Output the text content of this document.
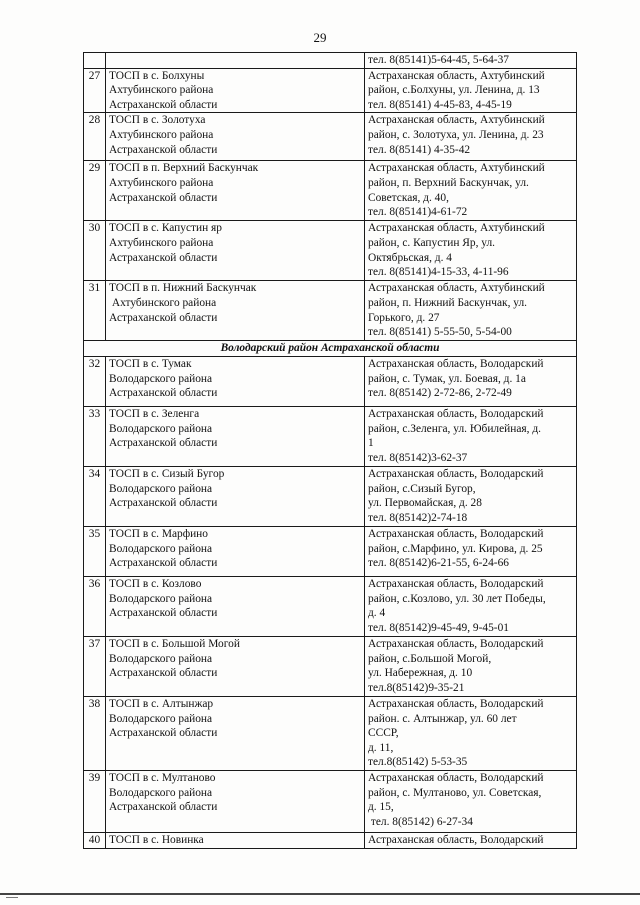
29

		тел. 8(85141)5-64-45, 5-64-37

27	ТОСП в с. Болхуны
Ахтубинского района
Астраханской области	Астраханская область, Ахтубинский
район, с.Болхуны, ул. Ленина, д. 13
тел. 8(85141) 4-45-83, 4-45-19

28	ТОСП в с. Золотуха
Ахтубинского района
Астраханской области	Астраханская область, Ахтубинский
район, с. Золотуха, ул. Ленина, д. 23
тел. 8(85141) 4-35-42

29	ТОСП в п. Верхний Баскунчак
Ахтубинского района
Астраханской области	Астраханская область, Ахтубинский
район, п. Верхний Баскунчак, ул.
Советская, д. 40,
тел. 8(85141)4-61-72

30	ТОСП в с. Капустин яр
Ахтубинского района
Астраханской области	Астраханская область, Ахтубинский
район, с. Капустин Яр, ул.
Октябрьская, д. 4
тел. 8(85141)4-15-33, 4-11-96

31	ТОСП в п. Нижний Баскунчак
Ахтубинского района
Астраханской области	Астраханская область, Ахтубинский
район, п. Нижний Баскунчак, ул.
Горького, д. 27
тел. 8(85141) 5-55-50, 5-54-00

Володарский район Астраханской области		
32	ТОСП в с. Тумак
Володарского района
Астраханской области	Астраханская область, Володарский
район, с. Тумак, ул. Боевая, д. 1а
тел. 8(85142) 2-72-86, 2-72-49

33	ТОСП в с. Зеленга
Володарского района
Астраханской области	Астраханская область, Володарский
район, с.Зеленга, ул. Юбилейная, д.
1
тел. 8(85142)3-62-37

34	ТОСП в с. Сизый Бугор
Володарского района
Астраханской области	Астраханская область, Володарский
район, с.Сизый Бугор,
ул. Первомайская, д. 28
тел. 8(85142)2-74-18

35	ТОСП в с. Марфино
Володарского района
Астраханской области	Астраханская область, Володарский
район, с.Марфино, ул. Кирова, д. 25
тел. 8(85142)6-21-55, 6-24-66

36	ТОСП в с. Козлово
Володарского района
Астраханской области	Астраханская область, Володарский
район, с.Козлово, ул. 30 лет Победы,
д. 4
тел. 8(85142)9-45-49, 9-45-01

37	ТОСП в с. Большой Могой
Володарского района
Астраханской области	Астраханская область, Володарский
район, с.Большой Могой,
ул. Набережная, д. 10
тел.8(85142)9-35-21

38	ТОСП в с. Алтынжар
Володарского района
Астраханской области	Астраханская область, Володарский
район. с. Алтынжар, ул. 60 лет
СССР,
д. 11,
тел.8(85142) 5-53-35

39	ТОСП в с. Мултаново
Володарского района
Астраханской области	Астраханская область, Володарский
район, с. Мултаново, ул. Советская,
д. 15,
тел. 8(85142) 6-27-34

40	ТОСП в с. Новинка	Астраханская область, Володарский
